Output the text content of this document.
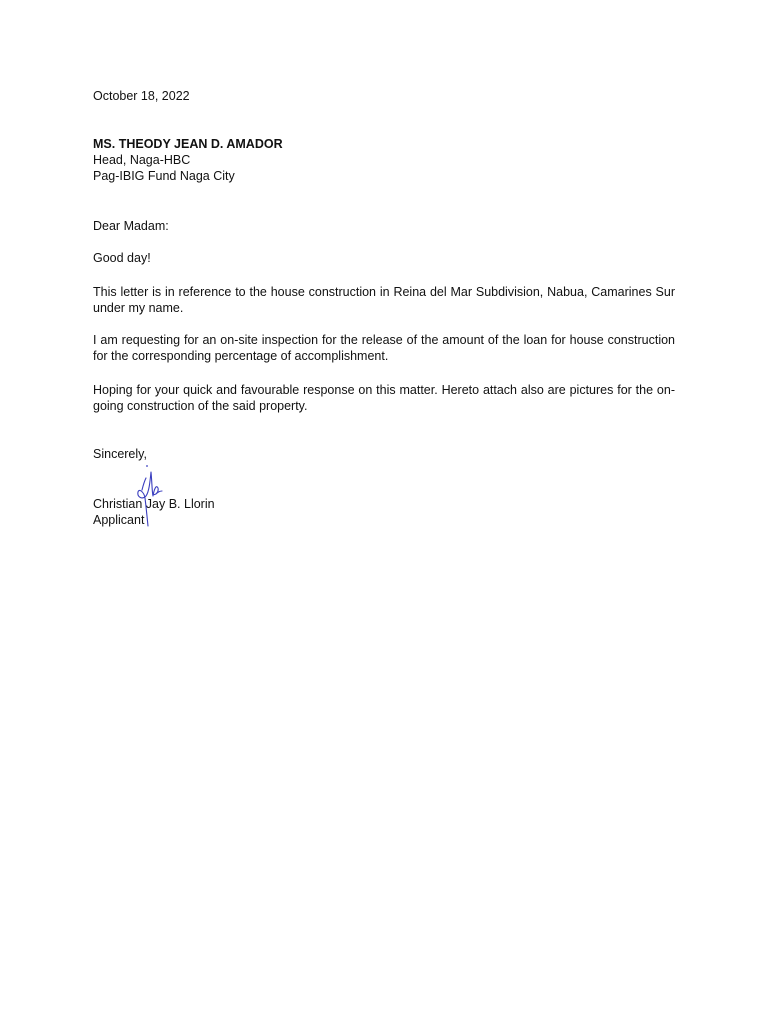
October 18, 2022
MS. THEODY JEAN D. AMADOR
Head, Naga-HBC
Pag-IBIG Fund Naga City
Dear Madam:
Good day!
This letter is in reference to the house construction in Reina del Mar Subdivision, Nabua, Camarines Sur under my name.
I am requesting for an on-site inspection for the release of the amount of the loan for house construction for the corresponding percentage of accomplishment.
Hoping for your quick and favourable response on this matter. Hereto attach also are pictures for the on-going construction of the said property.
Sincerely,
Christian Jay B. Llorin
Applicant
